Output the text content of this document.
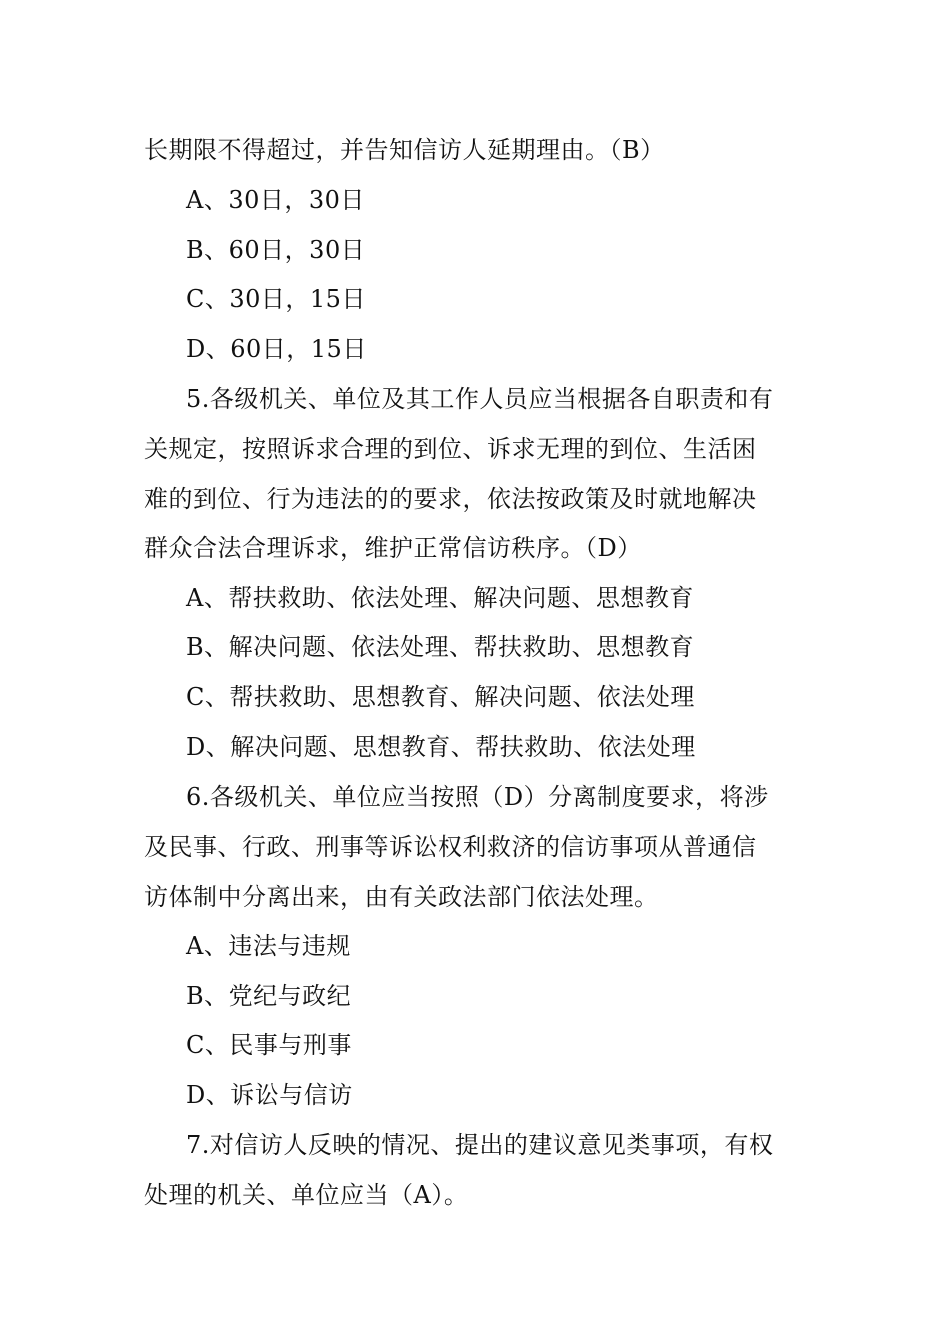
长期限不得超过，并告知信访人延期理由。（B）
A、30日，30日
B、60日，30日
C、30日，15日
D、60日，15日
5.各级机关、单位及其工作人员应当根据各自职责和有
关规定，按照诉求合理的到位、诉求无理的到位、生活困
难的到位、行为违法的的要求，依法按政策及时就地解决
群众合法合理诉求，维护正常信访秩序。（D）
A、帮扶救助、依法处理、解决问题、思想教育
B、解决问题、依法处理、帮扶救助、思想教育
C、帮扶救助、思想教育、解决问题、依法处理
D、解决问题、思想教育、帮扶救助、依法处理
6.各级机关、单位应当按照（D）分离制度要求，将涉
及民事、行政、刑事等诉讼权利救济的信访事项从普通信
访体制中分离出来，由有关政法部门依法处理。
A、违法与违规
B、党纪与政纪
C、民事与刑事
D、诉讼与信访
7.对信访人反映的情况、提出的建议意见类事项，有权
处理的机关、单位应当（A）。
